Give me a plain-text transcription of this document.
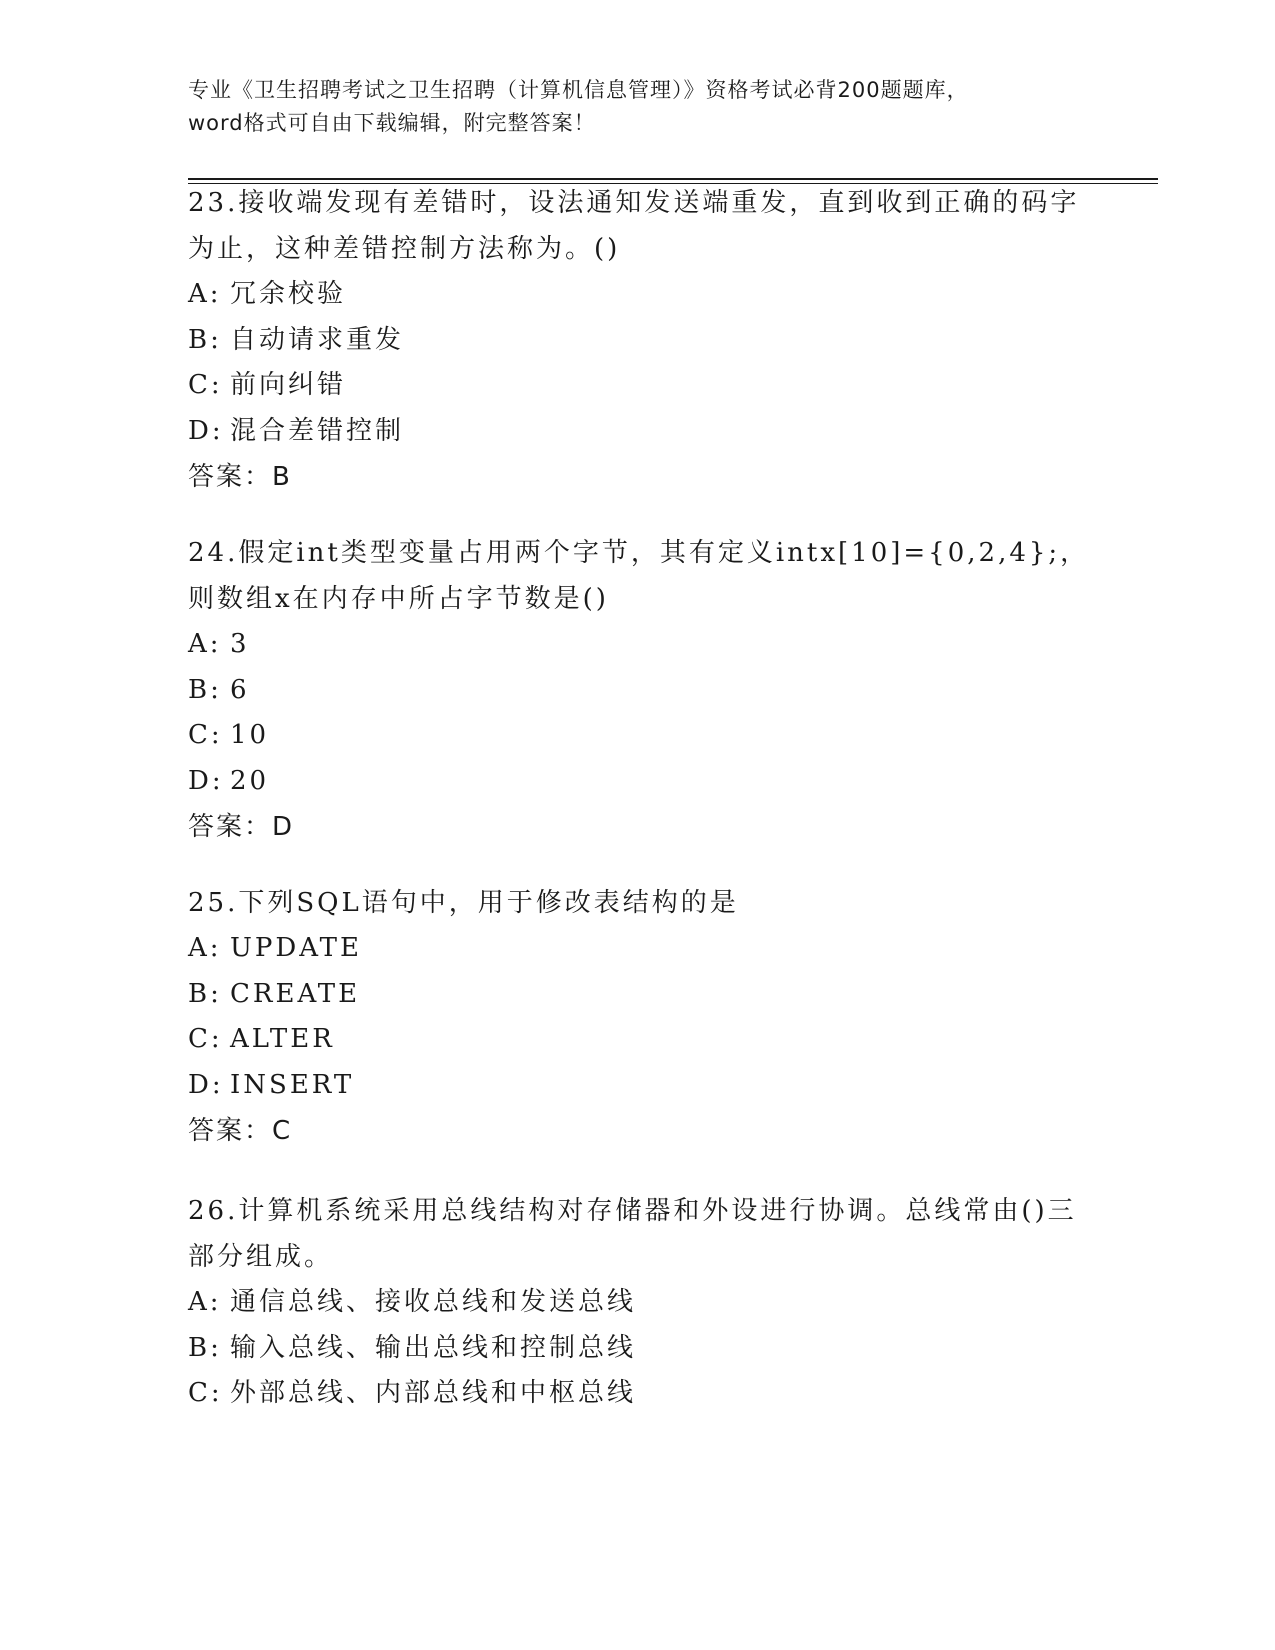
专业《卫生招聘考试之卫生招聘（计算机信息管理）》资格考试必背200题题库，
word格式可自由下载编辑，附完整答案！
23.接收端发现有差错时，设法通知发送端重发，直到收到正确的码字
为止，这种差错控制方法称为。()
A: 冗余校验
B: 自动请求重发
C: 前向纠错
D: 混合差错控制
答案：B
24.假定int类型变量占用两个字节，其有定义intx[10]={0,2,4};，
则数组x在内存中所占字节数是()
A: 3
B: 6
C: 10
D: 20
答案：D
25.下列SQL语句中，用于修改表结构的是
A: UPDATE
B: CREATE
C: ALTER
D: INSERT
答案：C
26.计算机系统采用总线结构对存储器和外设进行协调。总线常由()三
部分组成。
A: 通信总线、接收总线和发送总线
B: 输入总线、输出总线和控制总线
C: 外部总线、内部总线和中枢总线
